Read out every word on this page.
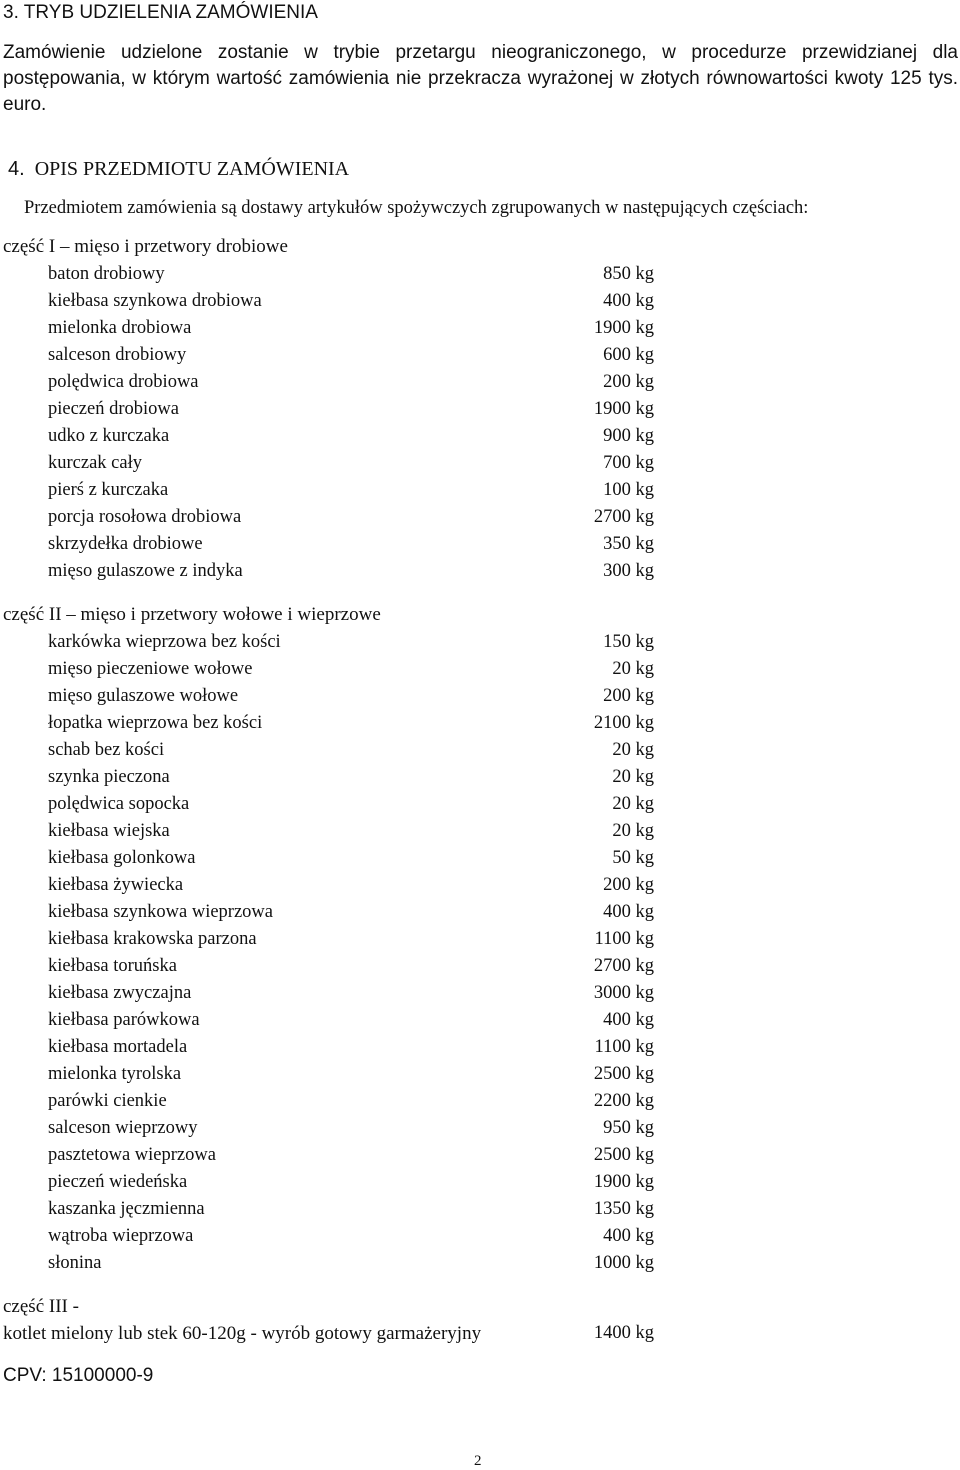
3. TRYB UDZIELENIA ZAMÓWIENIA
Zamówienie udzielone zostanie w trybie przetargu nieograniczonego, w procedurze przewidzianej dla postępowania, w którym wartość zamówienia nie przekracza wyrażonej w złotych równowartości kwoty 125 tys. euro.
4. OPIS PRZEDMIOTU ZAMÓWIENIA
Przedmiotem zamówienia są dostawy artykułów spożywczych zgrupowanych w następujących częściach:
część I – mięso i przetwory drobiowe
baton drobiowy	850 kg
kiełbasa szynkowa drobiowa	400 kg
mielonka drobiowa	1900 kg
salceson drobiowy	600 kg
polędwica drobiowa	200 kg
pieczeń drobiowa	1900 kg
udko z kurczaka	900 kg
kurczak cały	700 kg
pierś z kurczaka	100 kg
porcja rosołowa drobiowa	2700 kg
skrzydełka drobiowe	350 kg
mięso gulaszowe z indyka	300 kg
część II – mięso i przetwory wołowe i wieprzowe
karkówka wieprzowa bez kości	150 kg
mięso pieczeniowe wołowe	20 kg
mięso gulaszowe wołowe	200 kg
łopatka wieprzowa bez kości	2100 kg
schab bez kości	20 kg
szynka pieczona	20 kg
polędwica sopocka	20 kg
kiełbasa wiejska	20 kg
kiełbasa golonkowa	50 kg
kiełbasa żywiecka	200 kg
kiełbasa szynkowa wieprzowa	400 kg
kiełbasa krakowska parzona	1100 kg
kiełbasa toruńska	2700 kg
kiełbasa zwyczajna	3000 kg
kiełbasa parówkowa	400 kg
kiełbasa mortadela	1100 kg
mielonka tyrolska	2500 kg
parówki cienkie	2200 kg
salceson wieprzowy	950 kg
pasztetowa wieprzowa	2500 kg
pieczeń wiedeńska	1900 kg
kaszanka jęczmienna	1350 kg
wątroba wieprzowa	400 kg
słonina	1000 kg
część III -
kotlet mielony lub stek 60-120g - wyrób gotowy garmażeryjny	1400 kg
CPV: 15100000-9
2
